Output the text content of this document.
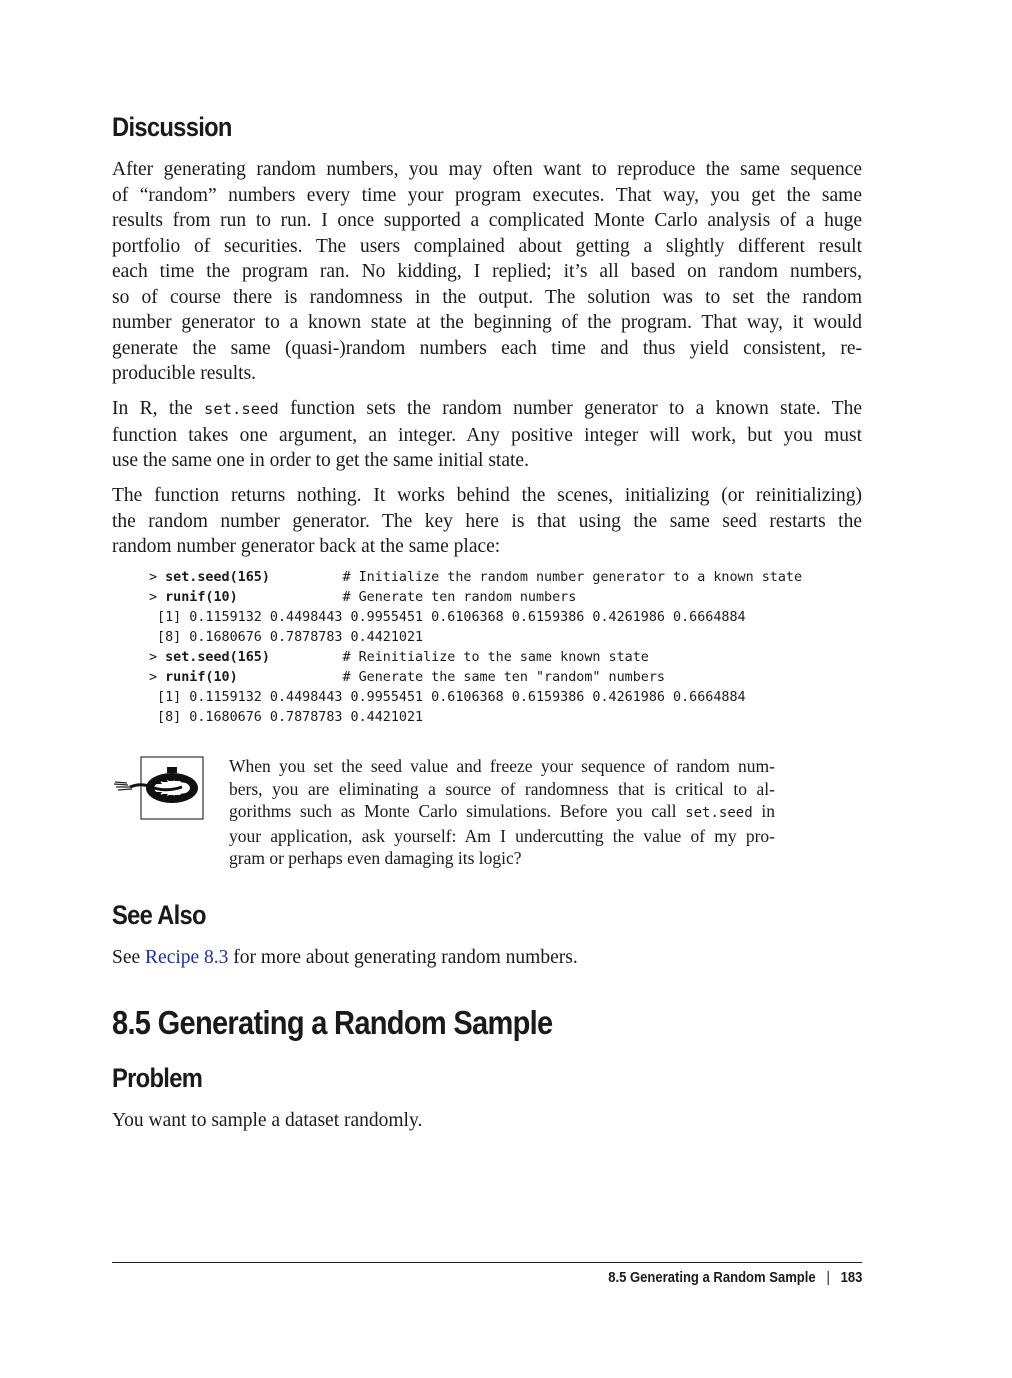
Discussion

After generating random numbers, you may often want to reproduce the same sequence
of “random” numbers every time your program executes. That way, you get the same
results from run to run. I once supported a complicated Monte Carlo analysis of a huge
portfolio of securities. The users complained about getting a slightly different result
each time the program ran. No kidding, I replied; it’s all based on random numbers,
so of course there is randomness in the output. The solution was to set the random
number generator to a known state at the beginning of the program. That way, it would
generate the same (quasi-)random numbers each time and thus yield consistent, re-
producible results.

In R, the set.seed function sets the random number generator to a known state. The
function takes one argument, an integer. Any positive integer will work, but you must
use the same one in order to get the same initial state.

The function returns nothing. It works behind the scenes, initializing (or reinitializing)
the random number generator. The key here is that using the same seed restarts the
random number generator back at the same place:

> set.seed(165)         # Initialize the random number generator to a known state
> runif(10)             # Generate ten random numbers
[1] 0.1159132 0.4498443 0.9955451 0.6106368 0.6159386 0.4261986 0.6664884
[8] 0.1680676 0.7878783 0.4421021
> set.seed(165)         # Reinitialize to the same known state
> runif(10)             # Generate the same ten "random" numbers
[1] 0.1159132 0.4498443 0.9955451 0.6106368 0.6159386 0.4261986 0.6664884
[8] 0.1680676 0.7878783 0.4421021
When you set the seed value and freeze your sequence of random num-
bers, you are eliminating a source of randomness that is critical to al-
gorithms such as Monte Carlo simulations. Before you call set.seed in
your application, ask yourself: Am I undercutting the value of my pro-
gram or perhaps even damaging its logic?
See Also

See Recipe 8.3 for more about generating random numbers.

8.5 Generating a Random Sample
Problem

You want to sample a dataset randomly.

8.5 Generating a Random Sample | 183
